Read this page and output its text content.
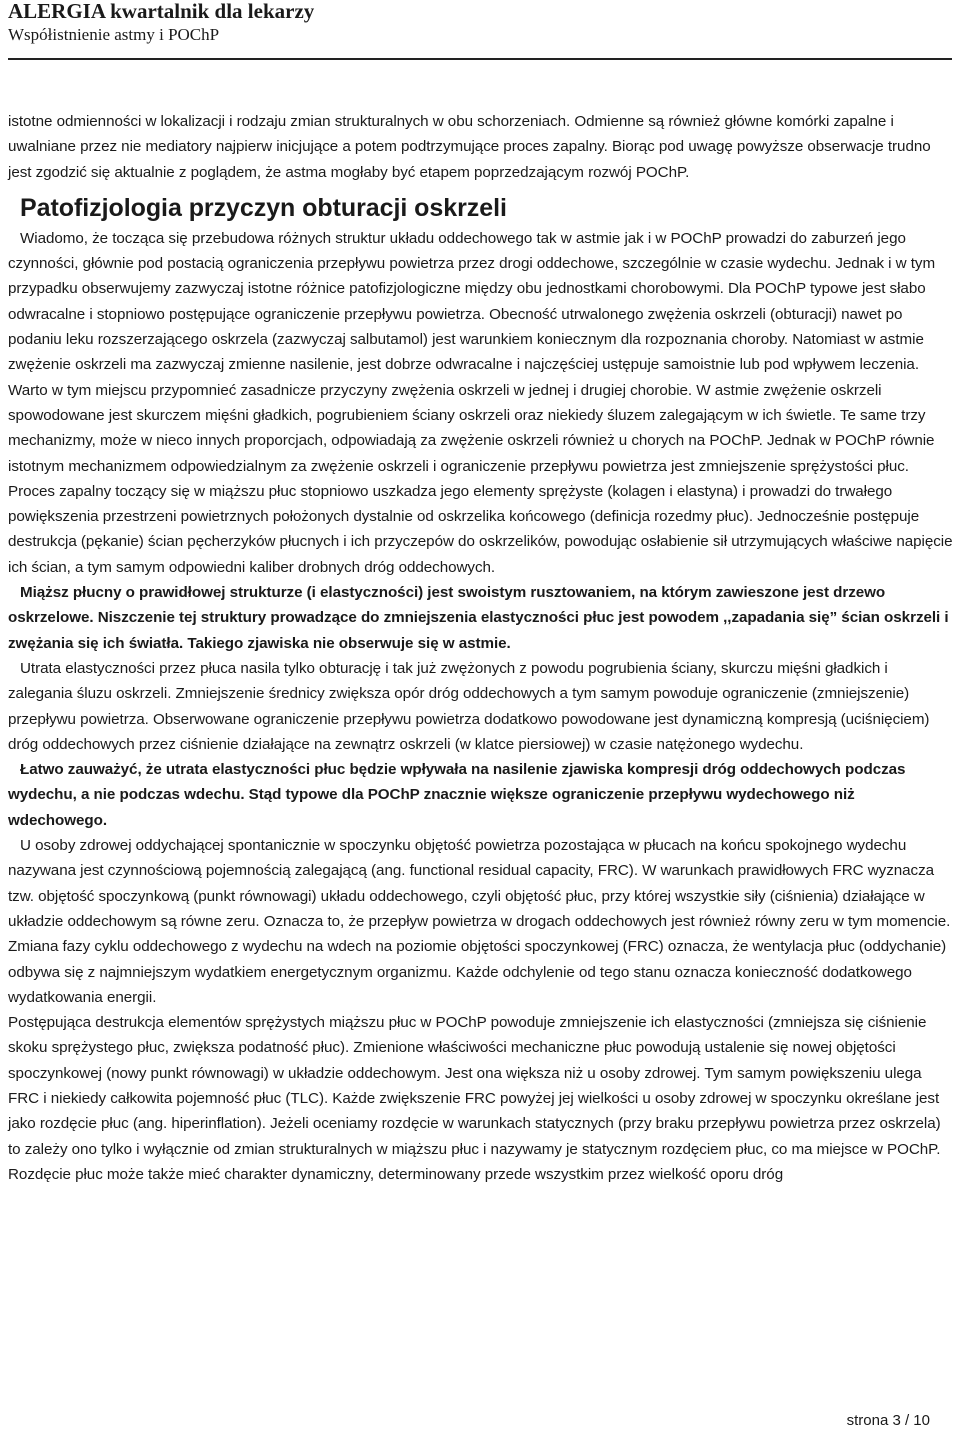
ALERGIA kwartalnik dla lekarzy
Współistnienie astmy i POChP

istotne odmienności w lokalizacji i rodzaju zmian strukturalnych w obu schorzeniach. Odmienne są również główne komórki zapalne i uwalniane przez nie mediatory najpierw inicjujące a potem podtrzymujące proces zapalny. Biorąc pod uwagę powyższe obserwacje trudno jest zgodzić się aktualnie z poglądem, że astma mogłaby być etapem poprzedzającym rozwój POChP.

Patofizjologia przyczyn obturacji oskrzeli

Wiadomo, że tocząca się przebudowa różnych struktur układu oddechowego tak w astmie jak i w POChP prowadzi do zaburzeń jego czynności, głównie pod postacią ograniczenia przepływu powietrza przez drogi oddechowe, szczególnie w czasie wydechu. Jednak i w tym przypadku obserwujemy zazwyczaj istotne różnice patofizjologiczne między obu jednostkami chorobowymi. Dla POChP typowe jest słabo odwracalne i stopniowo postępujące ograniczenie przepływu powietrza. Obecność utrwalonego zwężenia oskrzeli (obturacji) nawet po podaniu leku rozszerzającego oskrzela (zazwyczaj salbutamol) jest warunkiem koniecznym dla rozpoznania choroby. Natomiast w astmie zwężenie oskrzeli ma zazwyczaj zmienne nasilenie, jest dobrze odwracalne i najczęściej ustępuje samoistnie lub pod wpływem leczenia. Warto w tym miejscu przypomnieć zasadnicze przyczyny zwężenia oskrzeli w jednej i drugiej chorobie. W astmie zwężenie oskrzeli spowodowane jest skurczem mięśni gładkich, pogrubieniem ściany oskrzeli oraz niekiedy śluzem zalegającym w ich świetle. Te same trzy mechanizmy, może w nieco innych proporcjach, odpowiadają za zwężenie oskrzeli również u chorych na POChP. Jednak w POChP równie istotnym mechanizmem odpowiedzialnym za zwężenie oskrzeli i ograniczenie przepływu powietrza jest zmniejszenie sprężystości płuc. Proces zapalny toczący się w miąższu płuc stopniowo uszkadza jego elementy sprężyste (kolagen i elastyna) i prowadzi do trwałego powiększenia przestrzeni powietrznych położonych dystalnie od oskrzelika końcowego (definicja rozedmy płuc). Jednocześnie postępuje destrukcja (pękanie) ścian pęcherzyków płucnych i ich przyczepów do oskrzelików, powodując osłabienie sił utrzymujących właściwe napięcie ich ścian, a tym samym odpowiedni kaliber drobnych dróg oddechowych.

Miąższ płucny o prawidłowej strukturze (i elastyczności) jest swoistym rusztowaniem, na którym zawieszone jest drzewo oskrzelowe. Niszczenie tej struktury prowadzące do zmniejszenia elastyczności płuc jest powodem ,,zapadania się” ścian oskrzeli i zwężania się ich światła. Takiego zjawiska nie obserwuje się w astmie.

Utrata elastyczności przez płuca nasila tylko obturację i tak już zwężonych z powodu pogrubienia ściany, skurczu mięśni gładkich i zalegania śluzu oskrzeli. Zmniejszenie średnicy zwiększa opór dróg oddechowych a tym samym powoduje ograniczenie (zmniejszenie) przepływu powietrza. Obserwowane ograniczenie przepływu powietrza dodatkowo powodowane jest dynamiczną kompresją (uciśnięciem) dróg oddechowych przez ciśnienie działające na zewnątrz oskrzeli (w klatce piersiowej) w czasie natężonego wydechu.

Łatwo zauważyć, że utrata elastyczności płuc będzie wpływała na nasilenie zjawiska kompresji dróg oddechowych podczas wydechu, a nie podczas wdechu. Stąd typowe dla POChP znacznie większe ograniczenie przepływu wydechowego niż wdechowego.

U osoby zdrowej oddychającej spontanicznie w spoczynku objętość powietrza pozostająca w płucach na końcu spokojnego wydechu nazywana jest czynnościową pojemnością zalegającą (ang. functional residual capacity, FRC). W warunkach prawidłowych FRC wyznacza tzw. objętość spoczynkową (punkt równowagi) układu oddechowego, czyli objętość płuc, przy której wszystkie siły (ciśnienia) działające w układzie oddechowym są równe zeru. Oznacza to, że przepływ powietrza w drogach oddechowych jest również równy zeru w tym momencie. Zmiana fazy cyklu oddechowego z wydechu na wdech na poziomie objętości spoczynkowej (FRC) oznacza, że wentylacja płuc (oddychanie) odbywa się z najmniejszym wydatkiem energetycznym organizmu. Każde odchylenie od tego stanu oznacza konieczność dodatkowego wydatkowania energii.

Postępująca destrukcja elementów sprężystych miąższu płuc w POChP powoduje zmniejszenie ich elastyczności (zmniejsza się ciśnienie skoku sprężystego płuc, zwiększa podatność płuc). Zmienione właściwości mechaniczne płuc powodują ustalenie się nowej objętości spoczynkowej (nowy punkt równowagi) w układzie oddechowym. Jest ona większa niż u osoby zdrowej. Tym samym powiększeniu ulega FRC i niekiedy całkowita pojemność płuc (TLC). Każde zwiększenie FRC powyżej jej wielkości u osoby zdrowej w spoczynku określane jest jako rozdęcie płuc (ang. hiperinflation). Jeżeli oceniamy rozdęcie w warunkach statycznych (przy braku przepływu powietrza przez oskrzela) to zależy ono tylko i wyłącznie od zmian strukturalnych w miąższu płuc i nazywamy je statycznym rozdęciem płuc, co ma miejsce w POChP.

Rozdęcie płuc może także mieć charakter dynamiczny, determinowany przede wszystkim przez wielkość oporu dróg

strona 3 / 10
